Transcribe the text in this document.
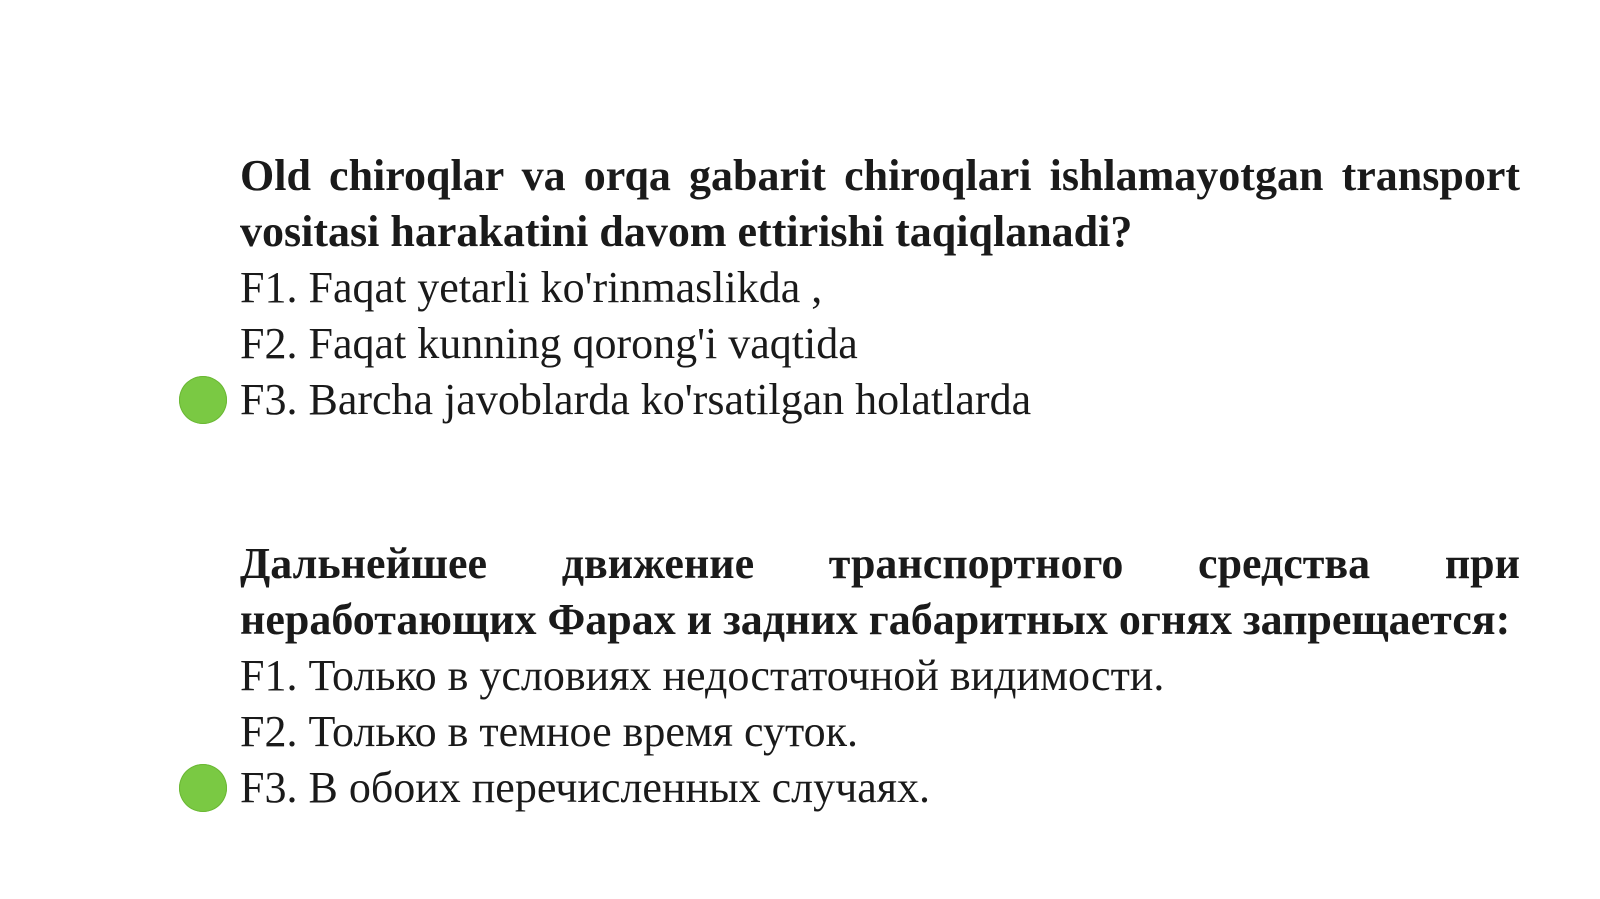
Old chiroqlar va orqa gabarit chiroqlari ishlamayotgan transport vositasi harakatini davom ettirishi taqiqlanadi?

F1. Faqat yetarli ko'rinmaslikda ,

F2. Faqat kunning qorong'i vaqtida

F3. Barcha javoblarda ko'rsatilgan holatlarda

Дальнейшее движение транспортного средства при неработающих Фарах и задних габаритных огнях запрещается:

F1. Только в условиях недостаточной видимости.

F2. Только в темное время суток.

F3. В обоих перечисленных случаях.
